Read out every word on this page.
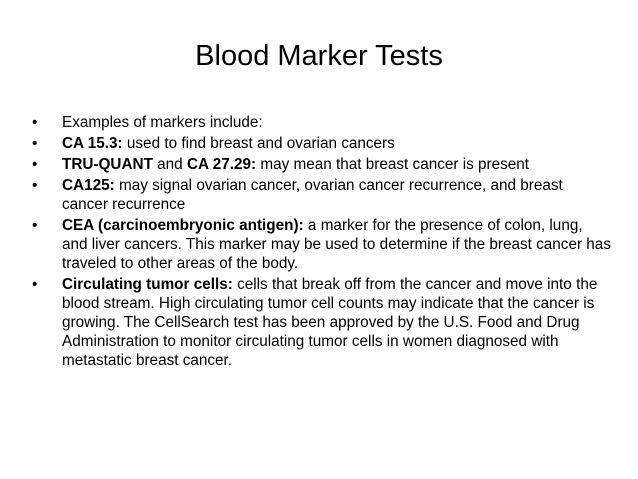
Blood Marker Tests
•	Examples of markers include:
•	CA 15.3: used to find breast and ovarian cancers
•	TRU-QUANT and CA 27.29: may mean that breast cancer is present
•	CA125: may signal ovarian cancer, ovarian cancer recurrence, and breast cancer recurrence
•	CEA (carcinoembryonic antigen): a marker for the presence of colon, lung, and liver cancers. This marker may be used to determine if the breast cancer has traveled to other areas of the body.
•	Circulating tumor cells: cells that break off from the cancer and move into the blood stream. High circulating tumor cell counts may indicate that the cancer is growing. The CellSearch test has been approved by the U.S. Food and Drug Administration to monitor circulating tumor cells in women diagnosed with metastatic breast cancer.
